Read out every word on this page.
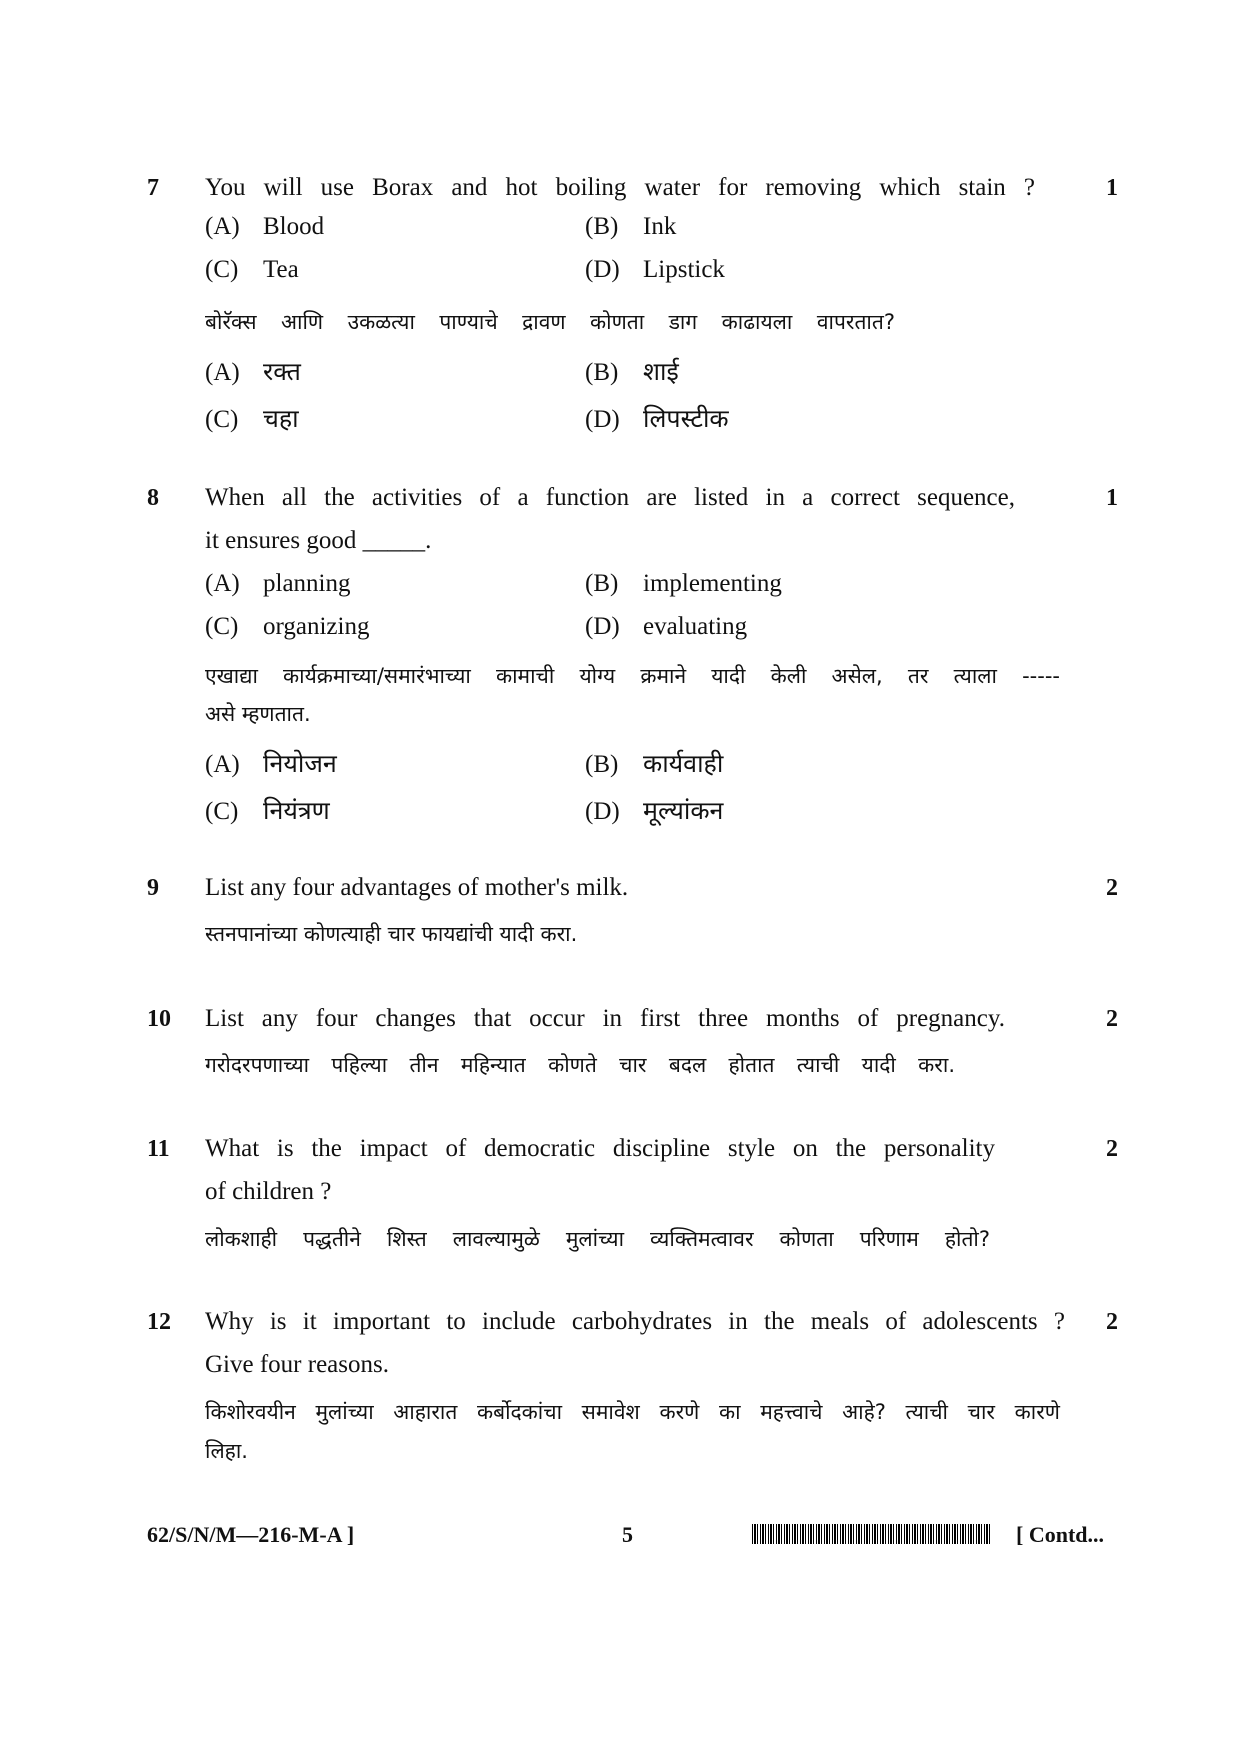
7	1
You will use Borax and hot boiling water for removing which stain ?
(A) Blood	(B) Ink
(C) Tea	(D) Lipstick
बोरॅक्स आणि उकळत्या पाण्याचे द्रावण कोणता डाग काढायला वापरतात?
(A) रक्त	(B) शाई
(C) चहा	(D) लिपस्टीक
8	1
When all the activities of a function are listed in a correct sequence,
it ensures good _____.
(A) planning	(B) implementing
(C) organizing	(D) evaluating
एखाद्या कार्यक्रमाच्या/समारंभाच्या कामाची योग्य क्रमाने यादी केली असेल, तर त्याला -----
असे म्हणतात.
(A) नियोजन	(B) कार्यवाही
(C) नियंत्रण	(D) मूल्यांकन
9	2
List any four advantages of mother's milk.
स्तनपानांच्या कोणत्याही चार फायद्यांची यादी करा.
10	2
List any four changes that occur in first three months of pregnancy.
गरोदरपणाच्या पहिल्या तीन महिन्यात कोणते चार बदल होतात त्याची यादी करा.
11	2
What is the impact of democratic discipline style on the personality
of children ?
लोकशाही पद्धतीने शिस्त लावल्यामुळे मुलांच्या व्यक्तिमत्वावर कोणता परिणाम होतो?
12	2
Why is it important to include carbohydrates in the meals of adolescents ?
Give four reasons.
किशोरवयीन मुलांच्या आहारात कर्बोदकांचा समावेश करणे का महत्त्वाचे आहे? त्याची चार कारणे
लिहा.
62/S/N/M—216-M-A ]	5	[ Contd...
